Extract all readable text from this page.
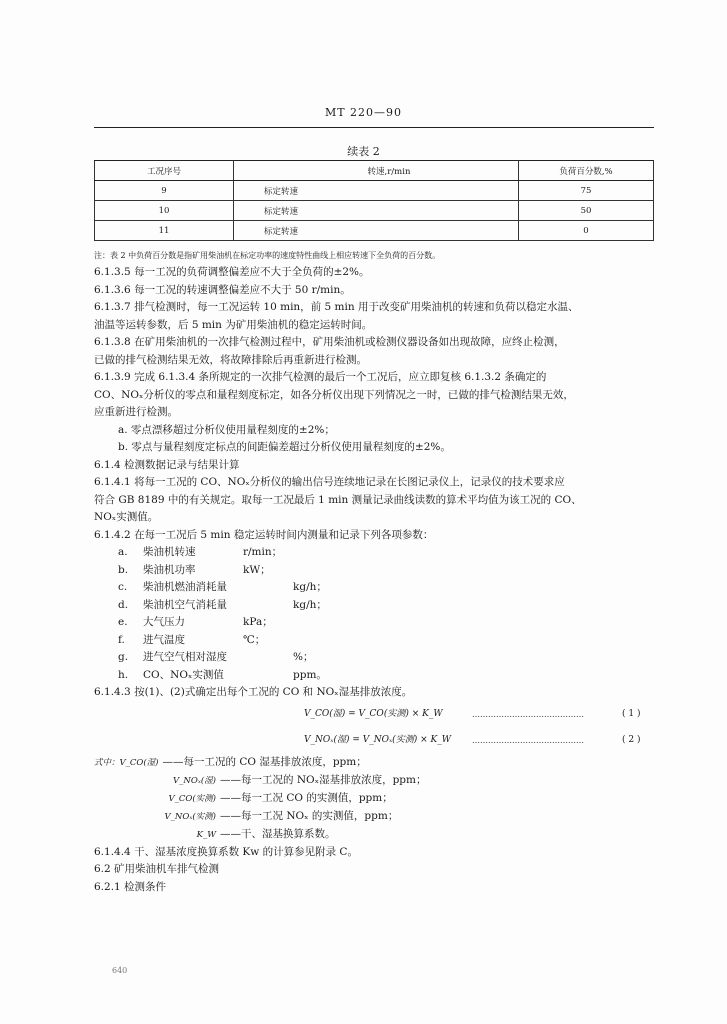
MT 220—90
续表 2
工况序号	转速,r/min	负荷百分数,%
9	标定转速	75
10	标定转速	50
11	标定转速	0
注：表 2 中负荷百分数是指矿用柴油机在标定功率的速度特性曲线上相应转速下全负荷的百分数。

6.1.3.5 每一工况的负荷调整偏差应不大于全负荷的±2%。

6.1.3.6 每一工况的转速调整偏差应不大于 50 r/min。

6.1.3.7 排气检测时，每一工况运转 10 min，前 5 min 用于改变矿用柴油机的转速和负荷以稳定水温、

油温等运转参数，后 5 min 为矿用柴油机的稳定运转时间。

6.1.3.8 在矿用柴油机的一次排气检测过程中，矿用柴油机或检测仪器设备如出现故障，应终止检测，

已做的排气检测结果无效，将故障排除后再重新进行检测。

6.1.3.9 完成 6.1.3.4 条所规定的一次排气检测的最后一个工况后，应立即复核 6.1.3.2 条确定的

CO、NOₓ分析仪的零点和量程刻度标定，如各分析仪出现下列情况之一时，已做的排气检测结果无效，

应重新进行检测。

a. 零点漂移超过分析仪使用量程刻度的±2%；

b. 零点与量程刻度定标点的间距偏差超过分析仪使用量程刻度的±2%。

6.1.4 检测数据记录与结果计算

6.1.4.1 将每一工况的 CO、NOₓ分析仪的输出信号连续地记录在长图记录仪上，记录仪的技术要求应

符合 GB 8189 中的有关规定。取每一工况最后 1 min 测量记录曲线读数的算术平均值为该工况的 CO、

NOₓ实测值。

6.1.4.2 在每一工况后 5 min 稳定运转时间内测量和记录下列各项参数：

a. 柴油机转速	r/min；

b. 柴油机功率	kW；

c. 柴油机燃油消耗量	kg/h；

d. 柴油机空气消耗量	kg/h；

e. 大气压力	kPa；

f. 进气温度	℃；

g. 进气空气相对湿度	%；

h. CO、NOₓ实测值	ppm。

6.1.4.3 按(1)、(2)式确定出每个工况的 CO 和 NOₓ湿基排放浓度。

V_CO(湿) = V_CO(实测) × K_W	……………………………………	( 1 )
V_NOₓ(湿) = V_NOₓ(实测) × K_W	……………………………………	( 2 )

式中：V_CO(湿) ——每一工况的 CO 湿基排放浓度，ppm；

V_NOₓ(湿) ——每一工况的 NOₓ湿基排放浓度，ppm；

V_CO(实测) ——每一工况 CO 的实测值，ppm；

V_NOₓ(实测) ——每一工况 NOₓ 的实测值，ppm；

K_W ——干、湿基换算系数。

6.1.4.4 干、湿基浓度换算系数 Kw 的计算参见附录 C。

6.2 矿用柴油机车排气检测

6.2.1 检测条件

640
